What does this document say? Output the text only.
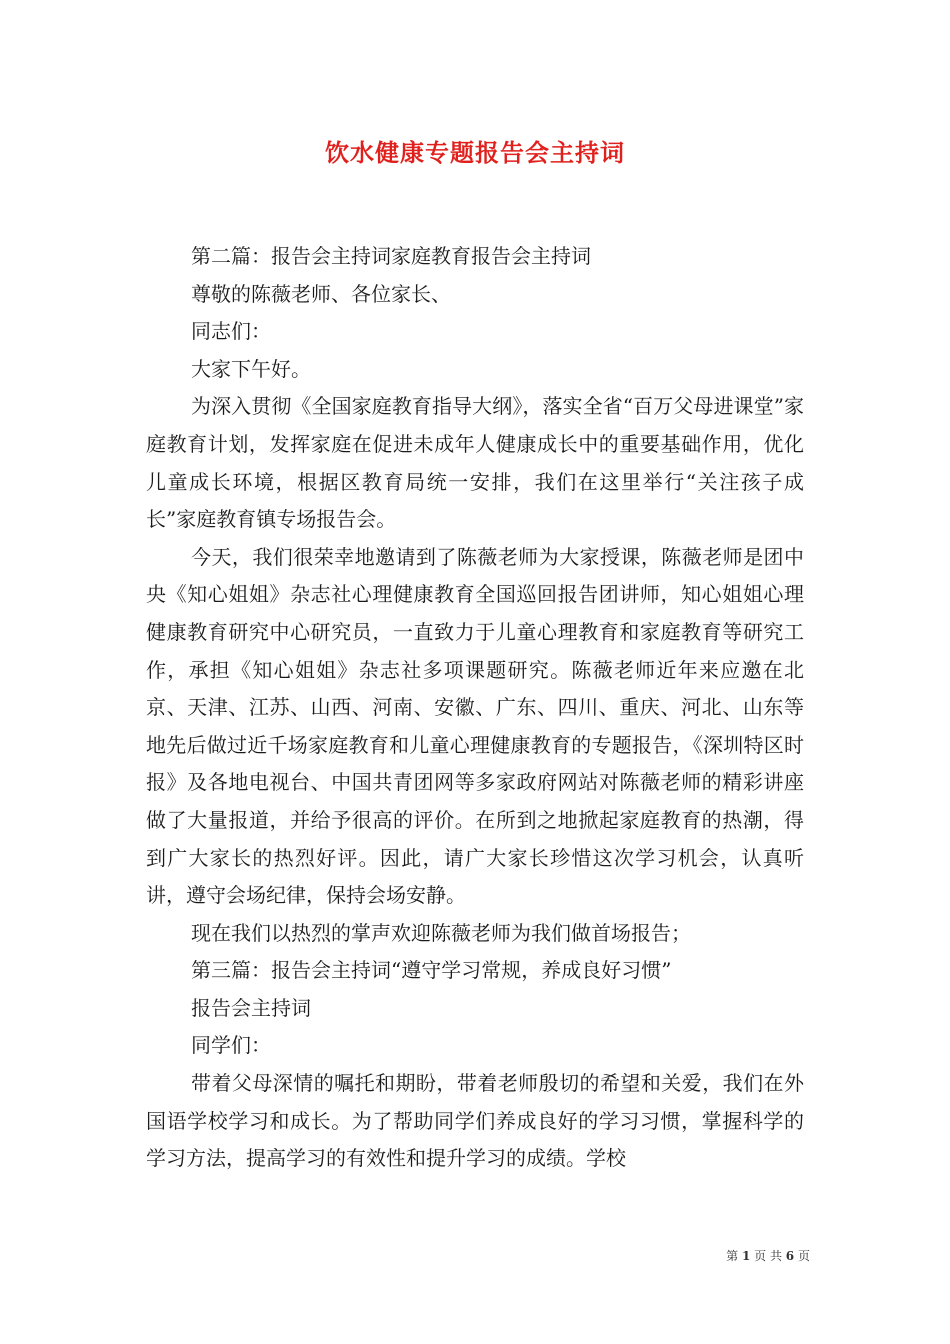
饮水健康专题报告会主持词

第二篇：报告会主持词家庭教育报告会主持词

尊敬的陈薇老师、各位家长、

同志们：

大家下午好。

为深入贯彻《全国家庭教育指导大纲》，落实全省“百万父母进课堂”家庭教育计划，发挥家庭在促进未成年人健康成长中的重要基础作用，优化儿童成长环境，根据区教育局统一安排，我们在这里举行“关注孩子成长”家庭教育镇专场报告会。

今天，我们很荣幸地邀请到了陈薇老师为大家授课，陈薇老师是团中央《知心姐姐》杂志社心理健康教育全国巡回报告团讲师，知心姐姐心理健康教育研究中心研究员，一直致力于儿童心理教育和家庭教育等研究工作，承担《知心姐姐》杂志社多项课题研究。陈薇老师近年来应邀在北京、天津、江苏、山西、河南、安徽、广东、四川、重庆、河北、山东等地先后做过近千场家庭教育和儿童心理健康教育的专题报告，《深圳特区时报》及各地电视台、中国共青团网等多家政府网站对陈薇老师的精彩讲座做了大量报道，并给予很高的评价。在所到之地掀起家庭教育的热潮，得到广大家长的热烈好评。因此，请广大家长珍惜这次学习机会，认真听讲，遵守会场纪律，保持会场安静。

现在我们以热烈的掌声欢迎陈薇老师为我们做首场报告；

第三篇：报告会主持词“遵守学习常规，养成良好习惯”

报告会主持词

同学们：

带着父母深情的嘱托和期盼，带着老师殷切的希望和关爱，我们在外国语学校学习和成长。为了帮助同学们养成良好的学习习惯，掌握科学的学习方法，提高学习的有效性和提升学习的成绩。学校

第 1 页 共 6 页
